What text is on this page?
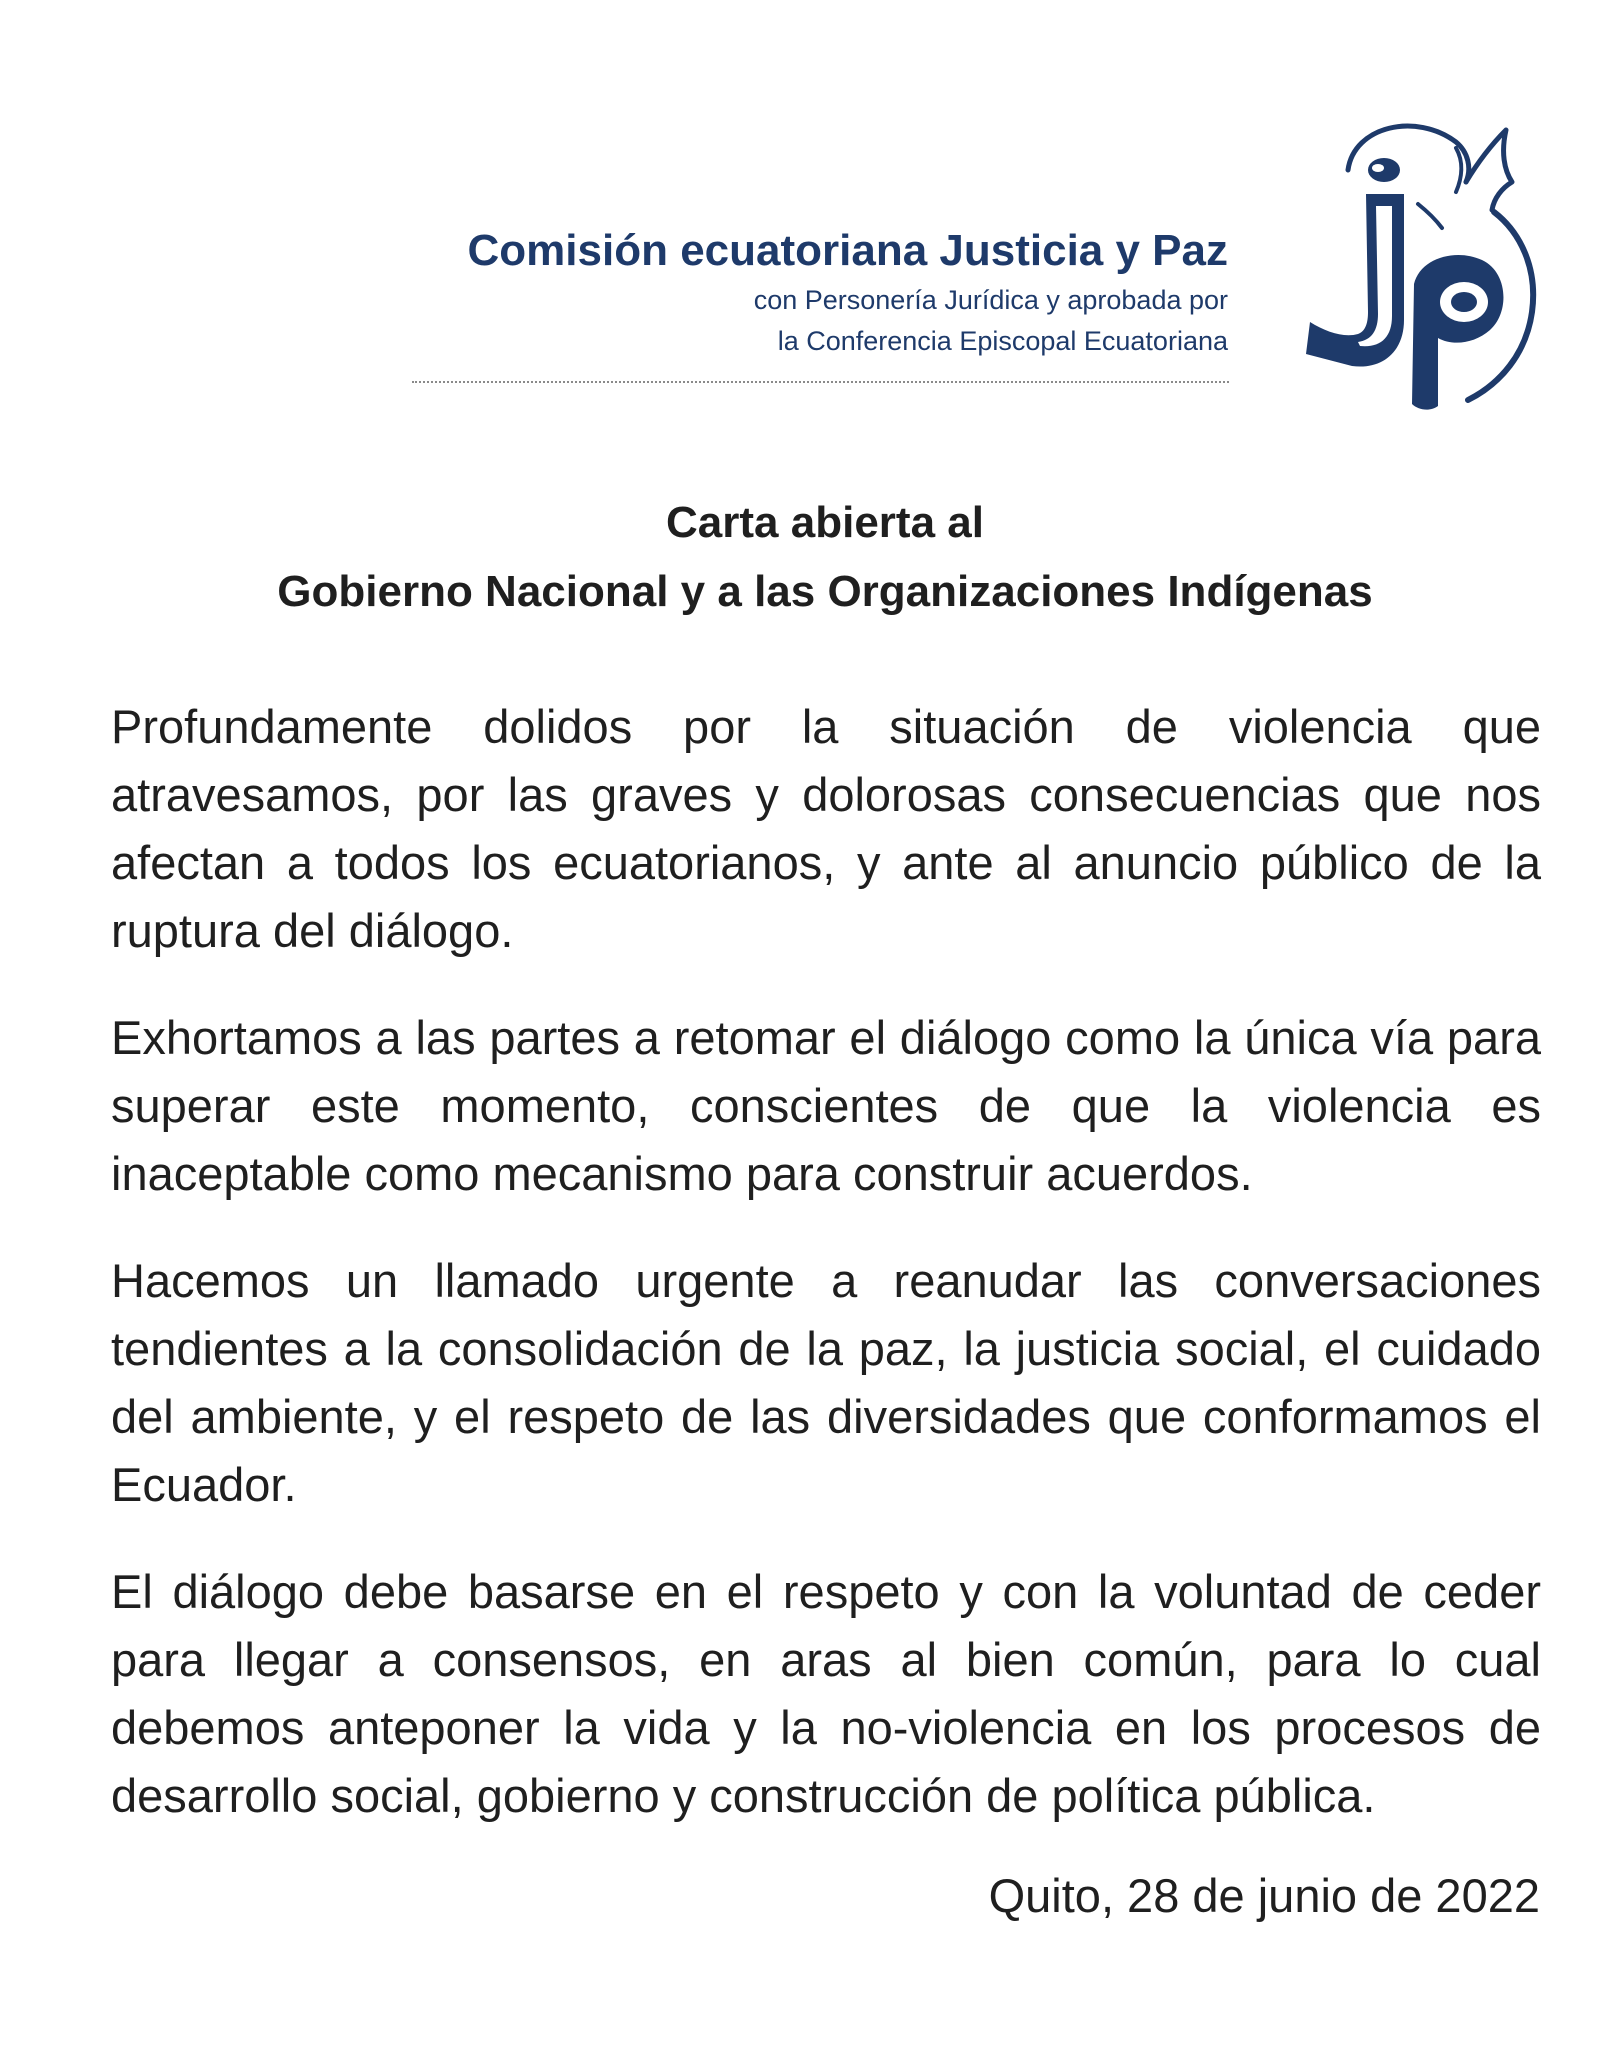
Comisión ecuatoriana Justicia y Paz
con Personería Jurídica y aprobada por
la Conferencia Episcopal Ecuatoriana
Carta abierta al
Gobierno Nacional y a las Organizaciones Indígenas

Profundamente dolidos por la situación de violencia que atravesamos, por las graves y dolorosas consecuencias que nos afectan a todos los ecuatorianos, y ante al anuncio público de la ruptura del diálogo.

Exhortamos a las partes a retomar el diálogo como la única vía para superar este momento, conscientes de que la violencia es inaceptable como mecanismo para construir acuerdos.

Hacemos un llamado urgente a reanudar las conversaciones tendientes a la consolidación de la paz, la justicia social, el cuidado del ambiente, y el respeto de las diversidades que conformamos el Ecuador.

El diálogo debe basarse en el respeto y con la voluntad de ceder para llegar a consensos, en aras al bien común, para lo cual debemos anteponer la vida y la no-violencia en los procesos de desarrollo social, gobierno y construcción de política pública.

Quito, 28 de junio de 2022
